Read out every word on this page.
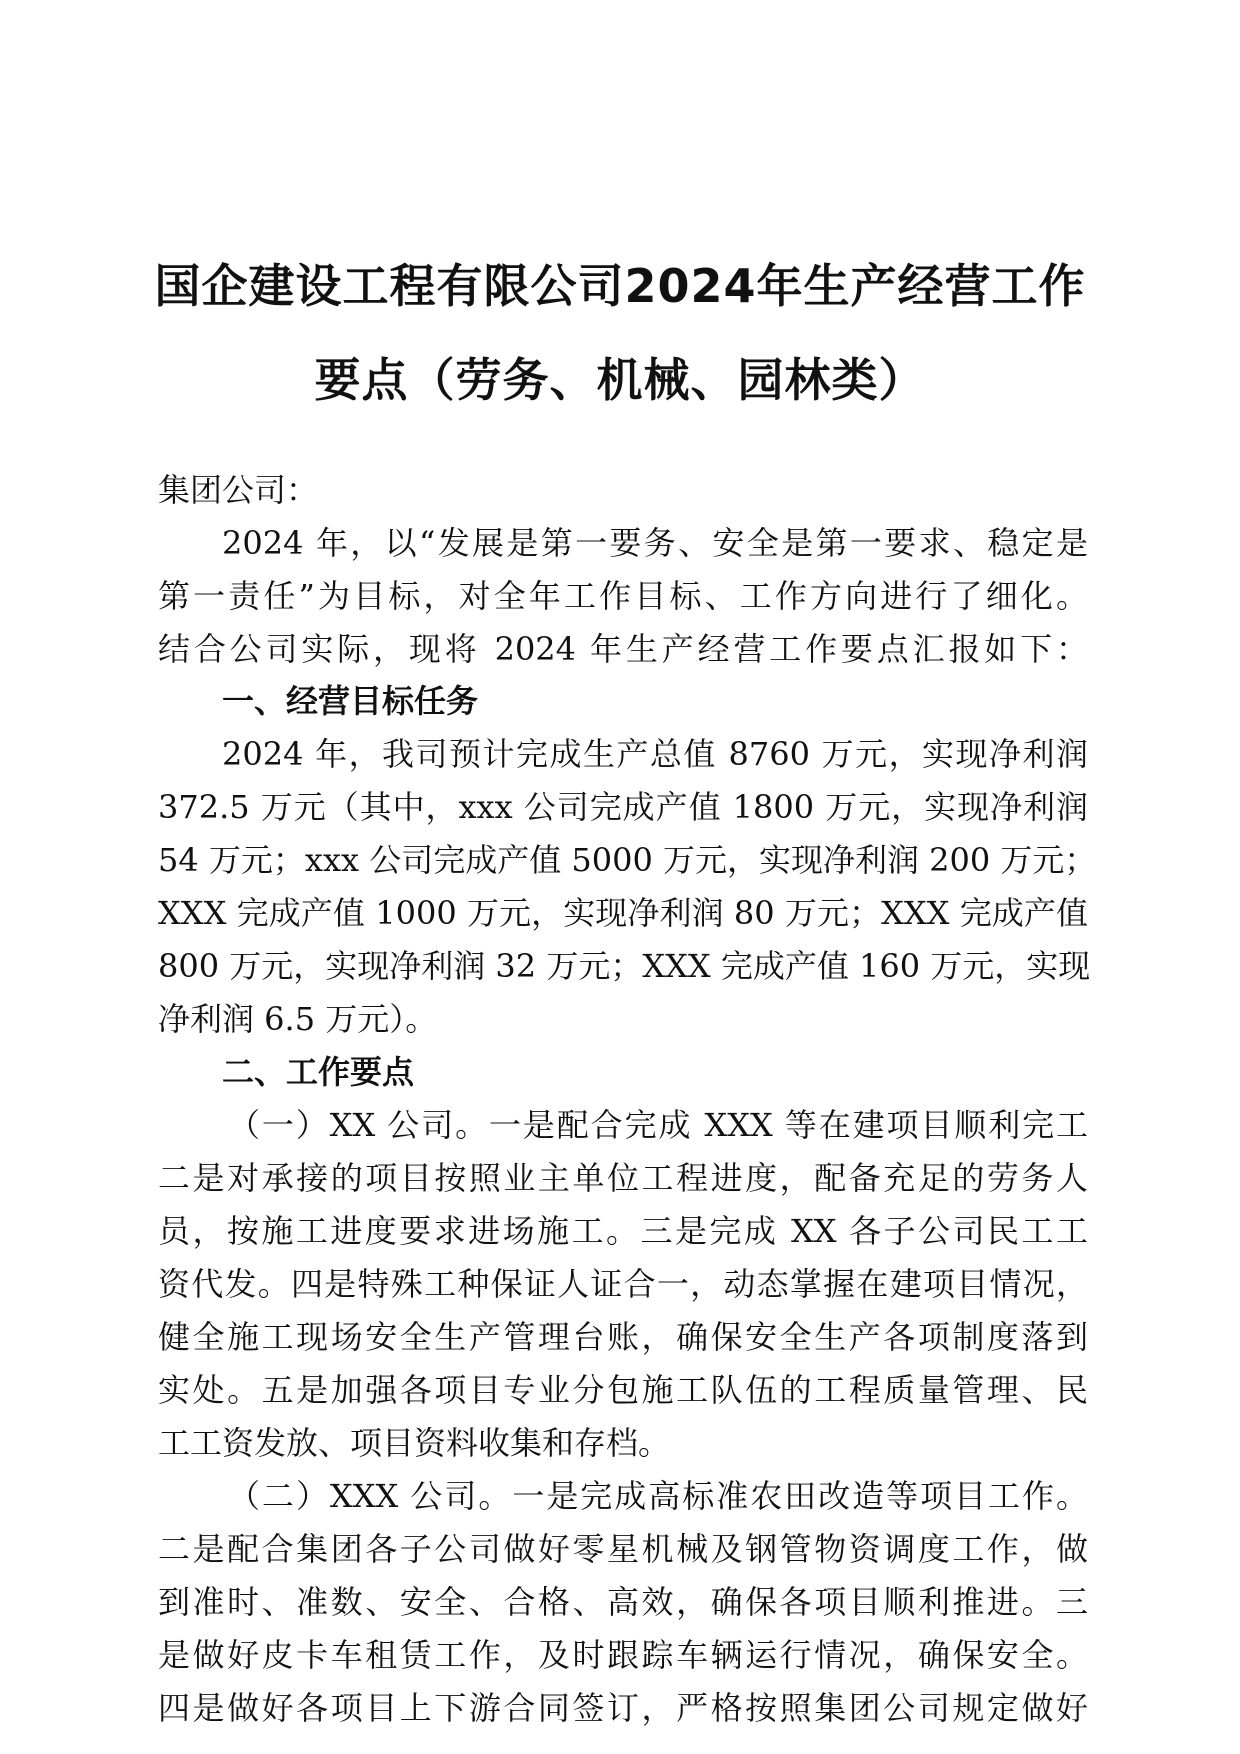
国企建设工程有限公司2024年生产经营工作
要点（劳务、机械、园林类）
集团公司：
2024 年，以“发展是第一要务、安全是第一要求、稳定是
第一责任”为目标，对全年工作目标、工作方向进行了细化。
结合公司实际，现将 2024 年生产经营工作要点汇报如下：
一、经营目标任务
2024 年，我司预计完成生产总值 8760 万元，实现净利润
372.5 万元（其中，xxx 公司完成产值 1800 万元，实现净利润
54 万元；xxx 公司完成产值 5000 万元，实现净利润 200 万元；
XXX 完成产值 1000 万元，实现净利润 80 万元；XXX 完成产值
800 万元，实现净利润 32 万元；XXX 完成产值 160 万元，实现
净利润 6.5 万元）。
二、工作要点
（一）XX 公司。一是配合完成 XXX 等在建项目顺利完工
二是对承接的项目按照业主单位工程进度，配备充足的劳务人
员，按施工进度要求进场施工。三是完成 XX 各子公司民工工
资代发。四是特殊工种保证人证合一，动态掌握在建项目情况，
健全施工现场安全生产管理台账，确保安全生产各项制度落到
实处。五是加强各项目专业分包施工队伍的工程质量管理、民
工工资发放、项目资料收集和存档。
（二）XXX 公司。一是完成高标准农田改造等项目工作。
二是配合集团各子公司做好零星机械及钢管物资调度工作，做
到准时、准数、安全、合格、高效，确保各项目顺利推进。三
是做好皮卡车租赁工作，及时跟踪车辆运行情况，确保安全。
四是做好各项目上下游合同签订，严格按照集团公司规定做好
